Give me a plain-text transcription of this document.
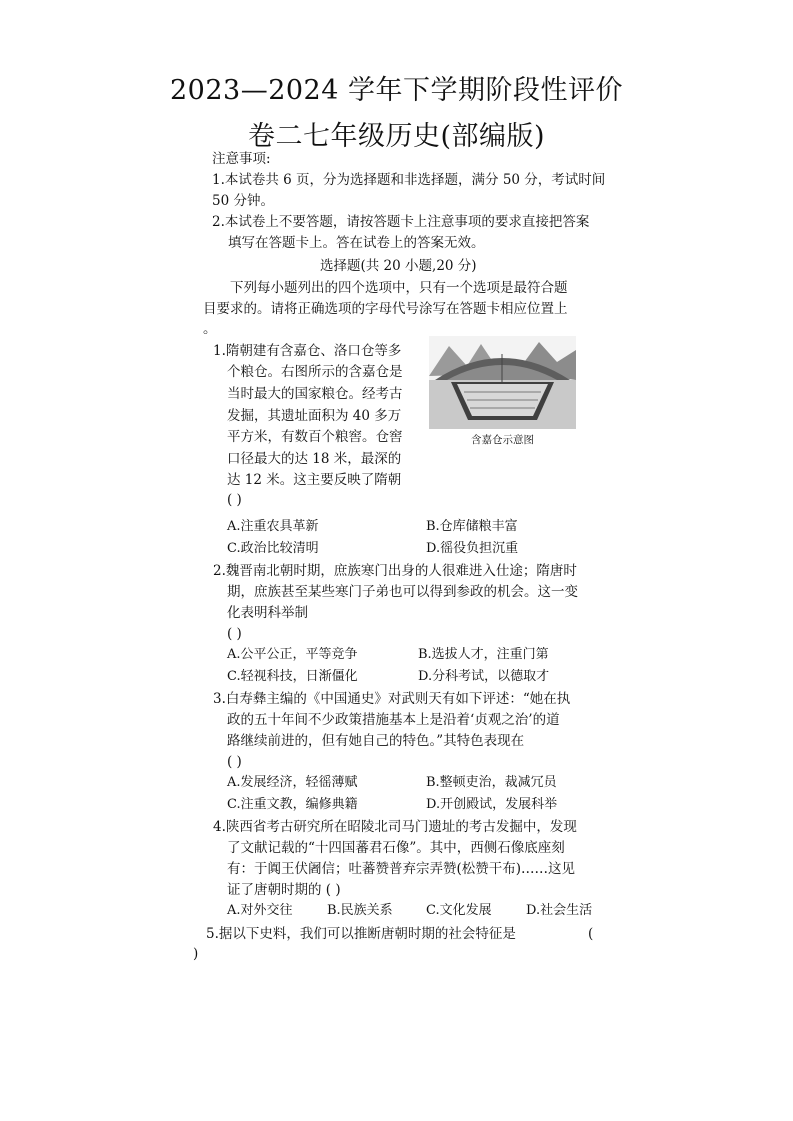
2023—2024 学年下学期阶段性评价
卷二七年级历史(部编版)
注意事项:
1.本试卷共 6 页，分为选择题和非选择题，满分 50 分，考试时间
50 分钟。
2.本试卷上不要答题，请按答题卡上注意事项的要求直接把答案
填写在答题卡上。答在试卷上的答案无效。
选择题(共 20 小题,20 分)
下列每小题列出的四个选项中，只有一个选项是最符合题
目要求的。请将正确选项的字母代号涂写在答题卡相应位置上
。
1.隋朝建有含嘉仓、洛口仓等多
个粮仓。右图所示的含嘉仓是
当时最大的国家粮仓。经考古
发掘，其遗址面积为 40 多万
平方米，有数百个粮窖。仓窖
口径最大的达 18 米，最深的
达 12 米。这主要反映了隋朝
( )
含嘉仓示意图
A.注重农具革新	B.仓库储粮丰富
C.政治比较清明	D.徭役负担沉重
2.魏晋南北朝时期，庶族寒门出身的人很难进入仕途；隋唐时
期，庶族甚至某些寒门子弟也可以得到参政的机会。这一变
化表明科举制
( )
A.公平公正，平等竞争	B.选拔人才，注重门第
C.轻视科技，日渐僵化	D.分科考试，以德取才
3.白寿彝主编的《中国通史》对武则天有如下评述：“她在执
政的五十年间不少政策措施基本上是沿着‘贞观之治’的道
路继续前进的，但有她自己的特色。”其特色表现在
( )
A.发展经济，轻徭薄赋	B.整顿吏治，裁减冗员
C.注重文教，编修典籍	D.开创殿试，发展科举
4.陕西省考古研究所在昭陵北司马门遗址的考古发掘中，发现
了文献记载的“十四国蕃君石像”。其中，西侧石像底座刻
有：于阗王伏阇信；吐蕃赞普弃宗弄赞(松赞干布)……这见
证了唐朝时期的 ( )
A.对外交往	B.民族关系	C.文化发展	D.社会生活
5.据以下史料，我们可以推断唐朝时期的社会特征是	(
)
